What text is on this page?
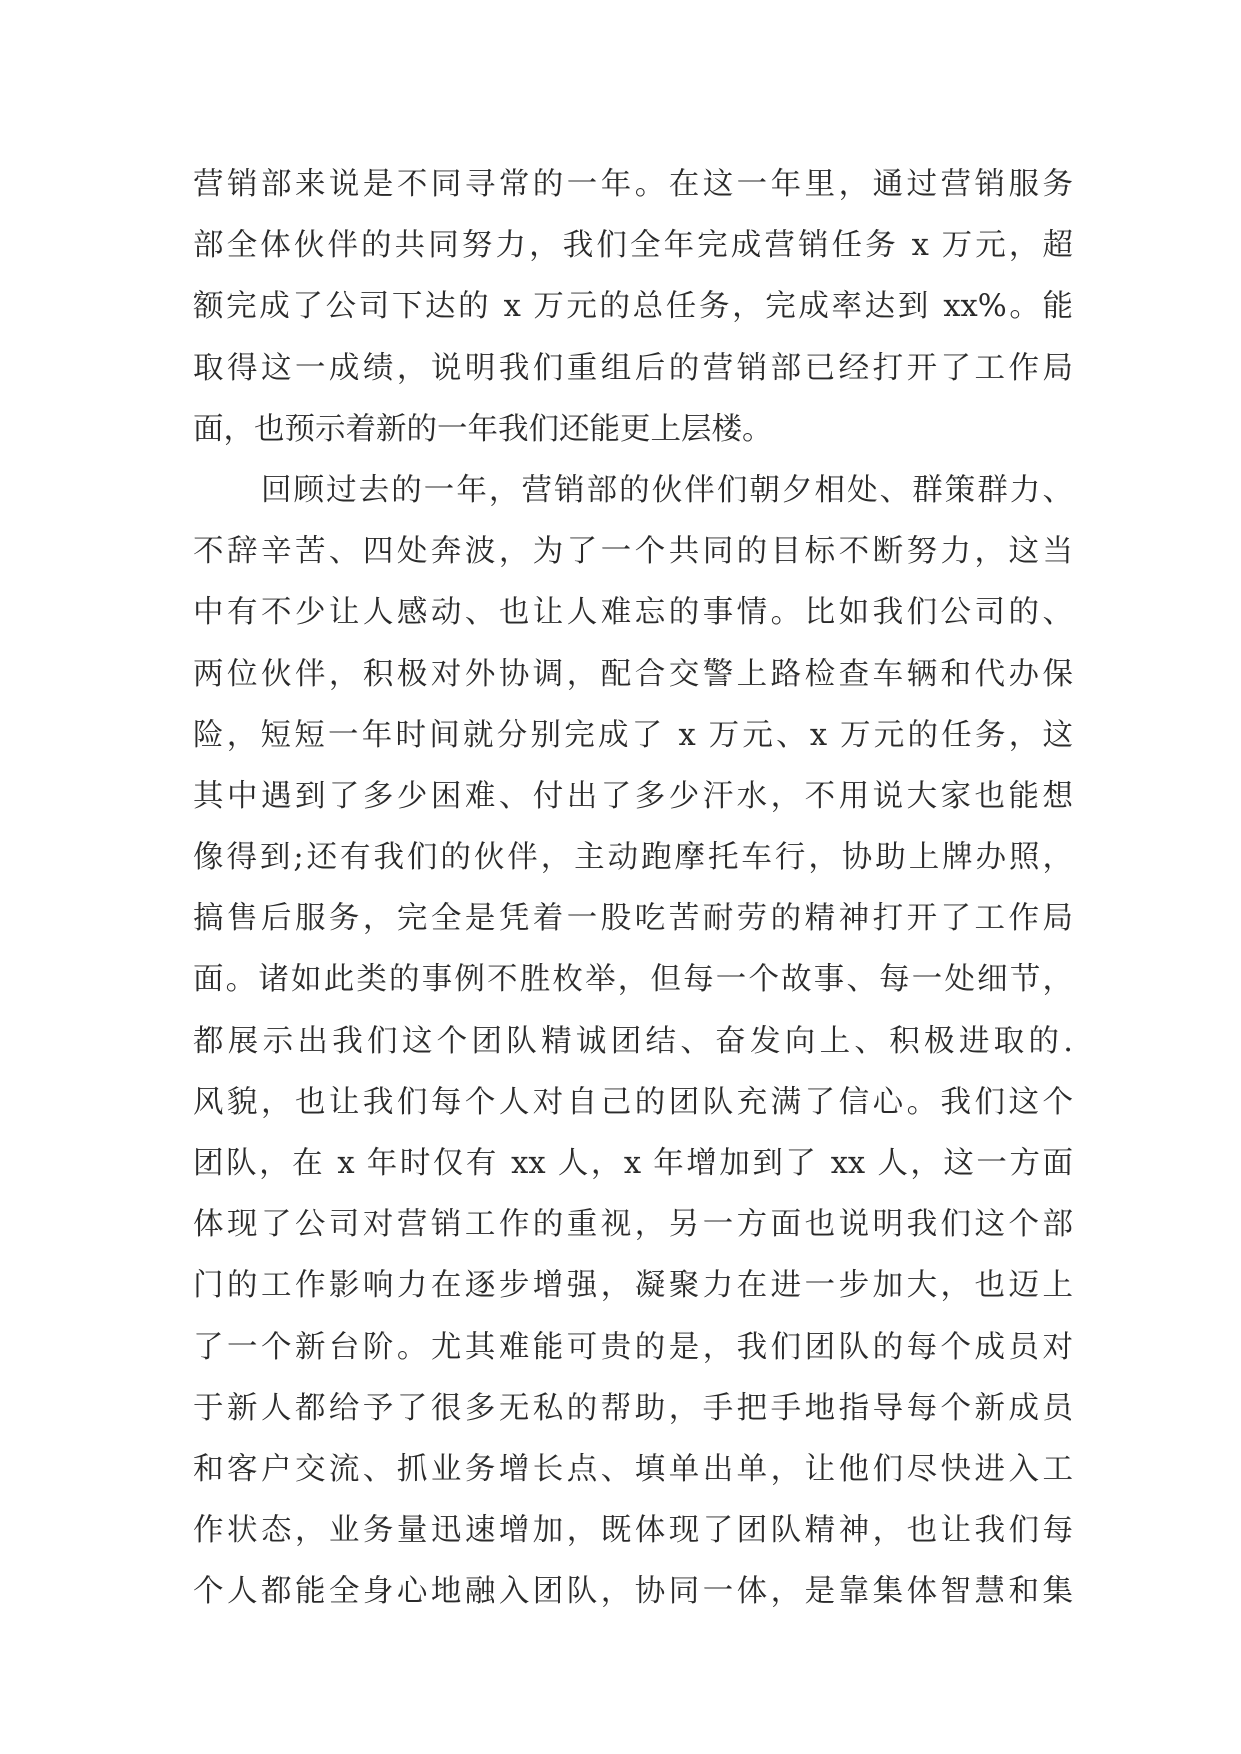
营销部来说是不同寻常的一年。在这一年里，通过营销服务
部全体伙伴的共同努力，我们全年完成营销任务 x 万元，超
额完成了公司下达的 x 万元的总任务，完成率达到 xx%。能
取得这一成绩，说明我们重组后的营销部已经打开了工作局
面，也预示着新的一年我们还能更上层楼。
回顾过去的一年，营销部的伙伴们朝夕相处、群策群力、
不辞辛苦、四处奔波，为了一个共同的目标不断努力，这当
中有不少让人感动、也让人难忘的事情。比如我们公司的、
两位伙伴，积极对外协调，配合交警上路检查车辆和代办保
险，短短一年时间就分别完成了 x 万元、x 万元的任务，这
其中遇到了多少困难、付出了多少汗水，不用说大家也能想
像得到;还有我们的伙伴，主动跑摩托车行，协助上牌办照，
搞售后服务，完全是凭着一股吃苦耐劳的精神打开了工作局
面。诸如此类的事例不胜枚举，但每一个故事、每一处细节，
都展示出我们这个团队精诚团结、奋发向上、积极进取的.
风貌，也让我们每个人对自己的团队充满了信心。我们这个
团队，在 x 年时仅有 xx 人，x 年增加到了 xx 人，这一方面
体现了公司对营销工作的重视，另一方面也说明我们这个部
门的工作影响力在逐步增强，凝聚力在进一步加大，也迈上
了一个新台阶。尤其难能可贵的是，我们团队的每个成员对
于新人都给予了很多无私的帮助，手把手地指导每个新成员
和客户交流、抓业务增长点、填单出单，让他们尽快进入工
作状态，业务量迅速增加，既体现了团队精神，也让我们每
个人都能全身心地融入团队，协同一体，是靠集体智慧和集
